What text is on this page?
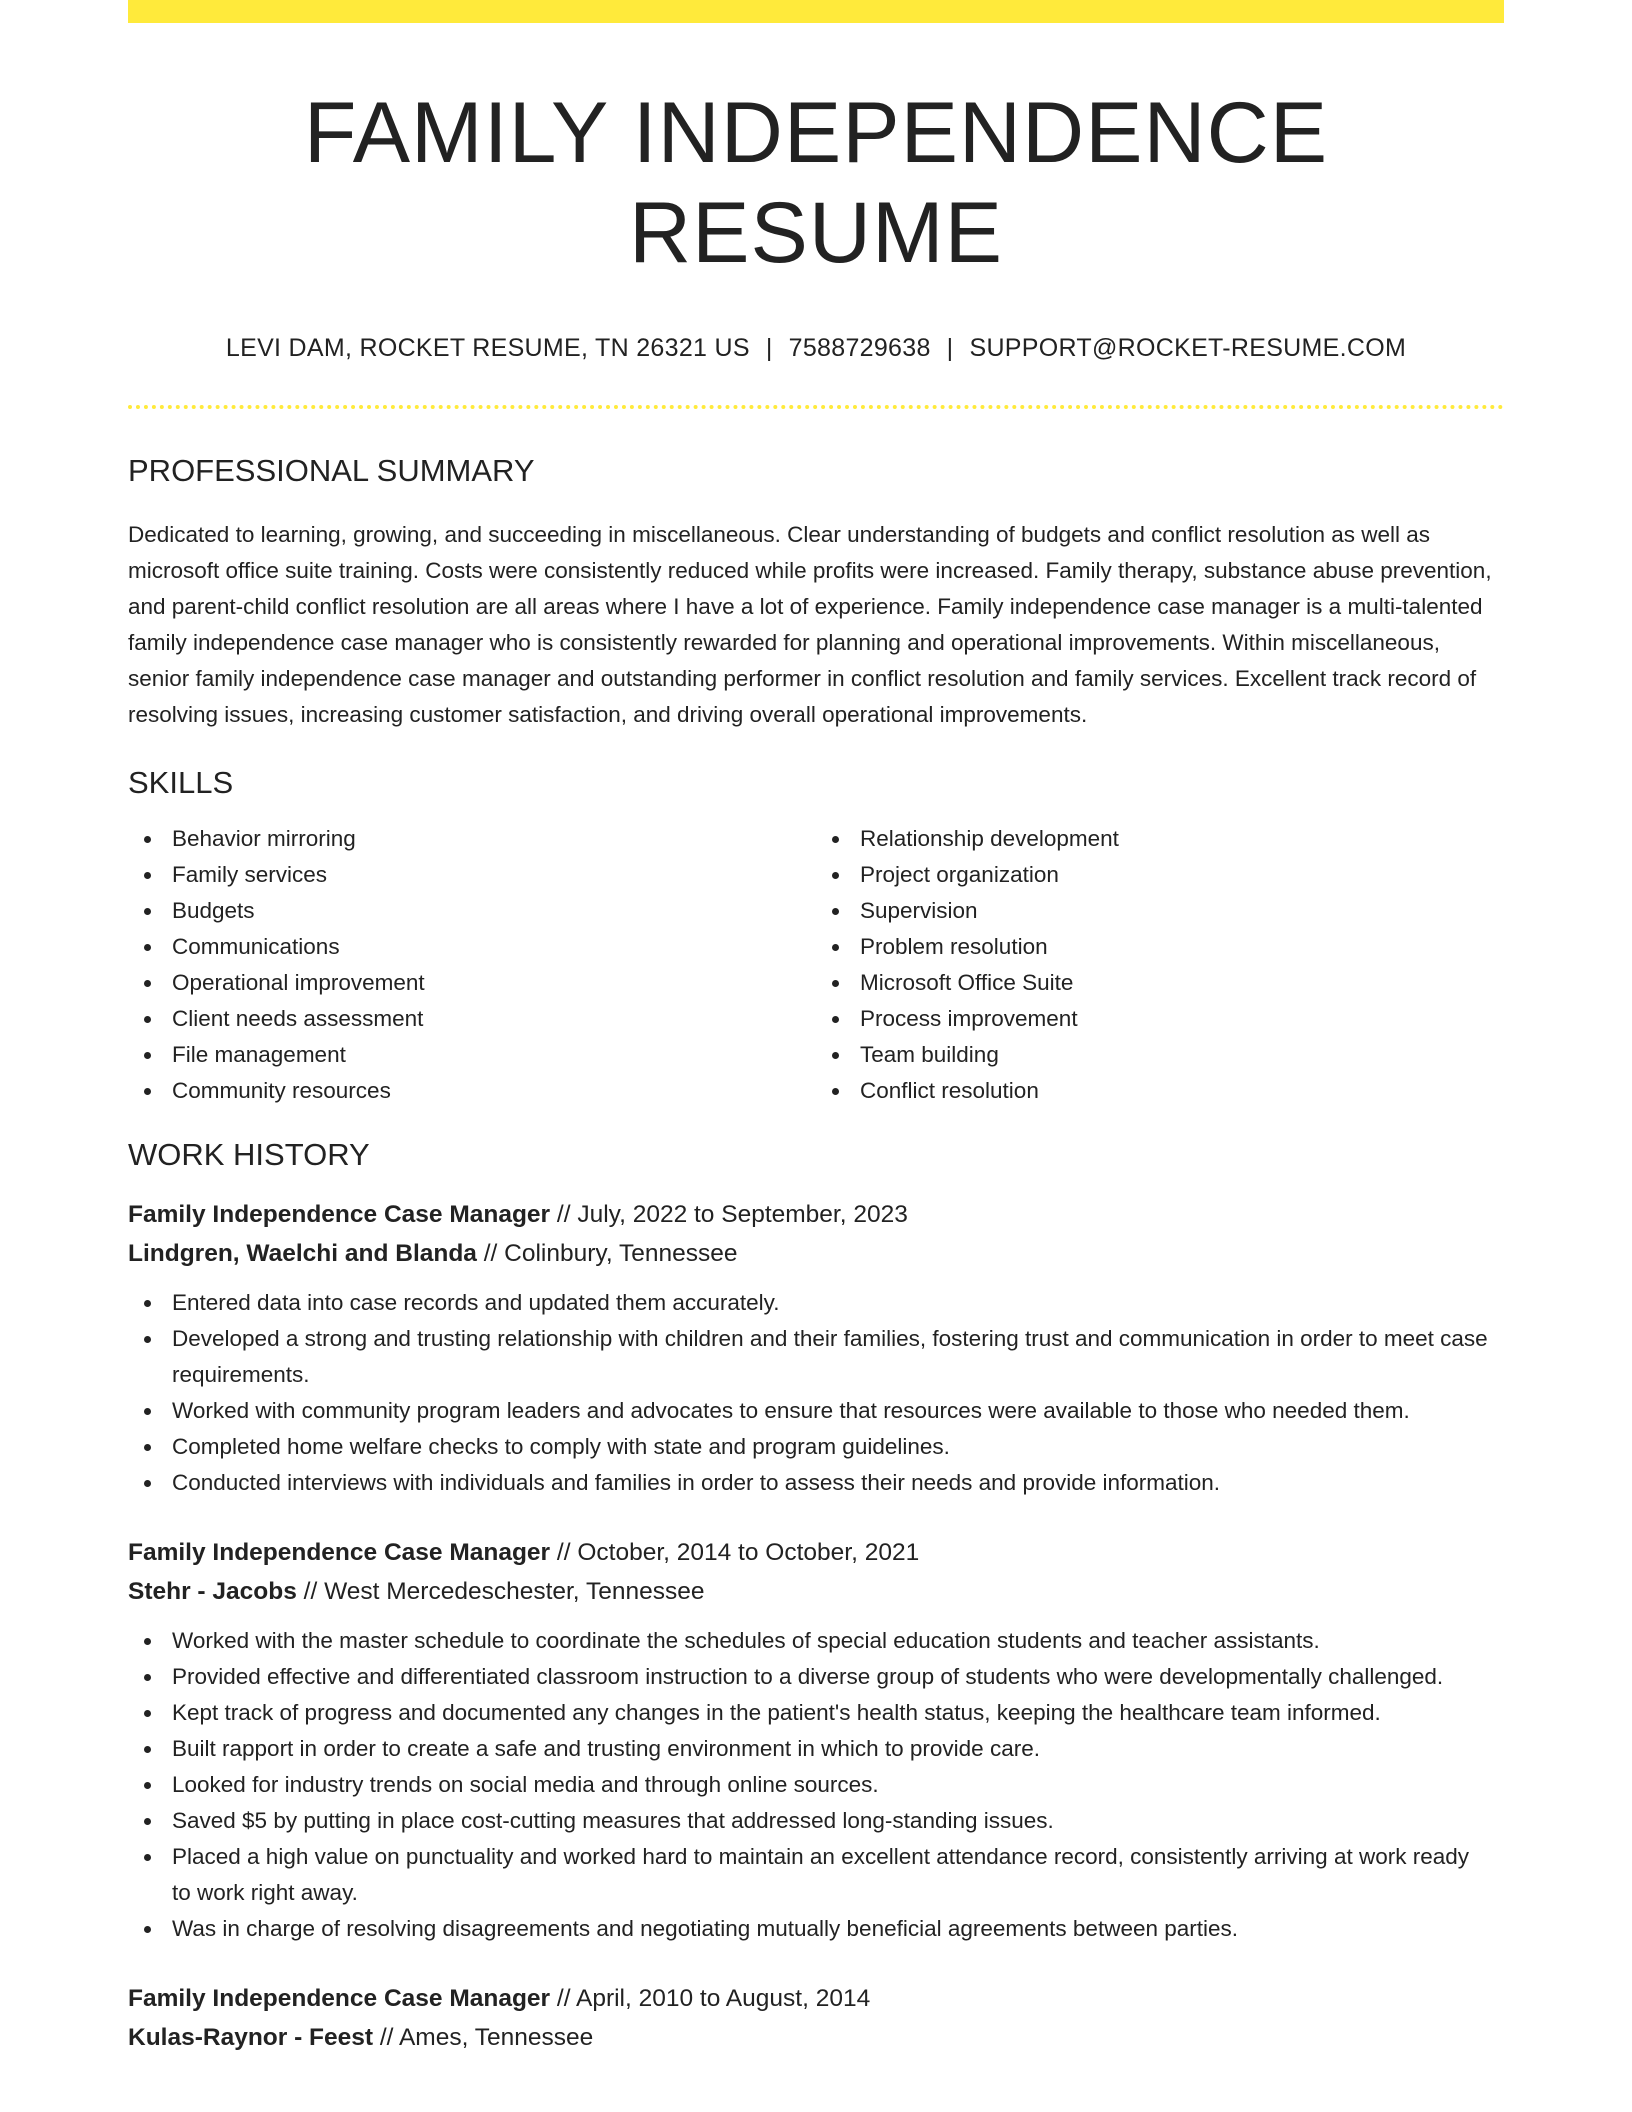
FAMILY INDEPENDENCE RESUME
LEVI DAM, ROCKET RESUME, TN 26321 US | 7588729638 | SUPPORT@ROCKET-RESUME.COM
PROFESSIONAL SUMMARY

Dedicated to learning, growing, and succeeding in miscellaneous. Clear understanding of budgets and conflict resolution as well as microsoft office suite training. Costs were consistently reduced while profits were increased. Family therapy, substance abuse prevention, and parent-child conflict resolution are all areas where I have a lot of experience. Family independence case manager is a multi-talented family independence case manager who is consistently rewarded for planning and operational improvements. Within miscellaneous, senior family independence case manager and outstanding performer in conflict resolution and family services. Excellent track record of resolving issues, increasing customer satisfaction, and driving overall operational improvements.

SKILLS
Behavior mirroring
Family services
Budgets
Communications
Operational improvement
Client needs assessment
File management
Community resources
Relationship development
Project organization
Supervision
Problem resolution
Microsoft Office Suite
Process improvement
Team building
Conflict resolution
WORK HISTORY
Family Independence Case Manager // July, 2022 to September, 2023
Lindgren, Waelchi and Blanda // Colinbury, Tennessee
Entered data into case records and updated them accurately.
Developed a strong and trusting relationship with children and their families, fostering trust and communication in order to meet case requirements.
Worked with community program leaders and advocates to ensure that resources were available to those who needed them.
Completed home welfare checks to comply with state and program guidelines.
Conducted interviews with individuals and families in order to assess their needs and provide information.
Family Independence Case Manager // October, 2014 to October, 2021
Stehr - Jacobs // West Mercedeschester, Tennessee
Worked with the master schedule to coordinate the schedules of special education students and teacher assistants.
Provided effective and differentiated classroom instruction to a diverse group of students who were developmentally challenged.
Kept track of progress and documented any changes in the patient's health status, keeping the healthcare team informed.
Built rapport in order to create a safe and trusting environment in which to provide care.
Looked for industry trends on social media and through online sources.
Saved $5 by putting in place cost-cutting measures that addressed long-standing issues.
Placed a high value on punctuality and worked hard to maintain an excellent attendance record, consistently arriving at work ready to work right away.
Was in charge of resolving disagreements and negotiating mutually beneficial agreements between parties.
Family Independence Case Manager // April, 2010 to August, 2014
Kulas-Raynor - Feest // Ames, Tennessee
